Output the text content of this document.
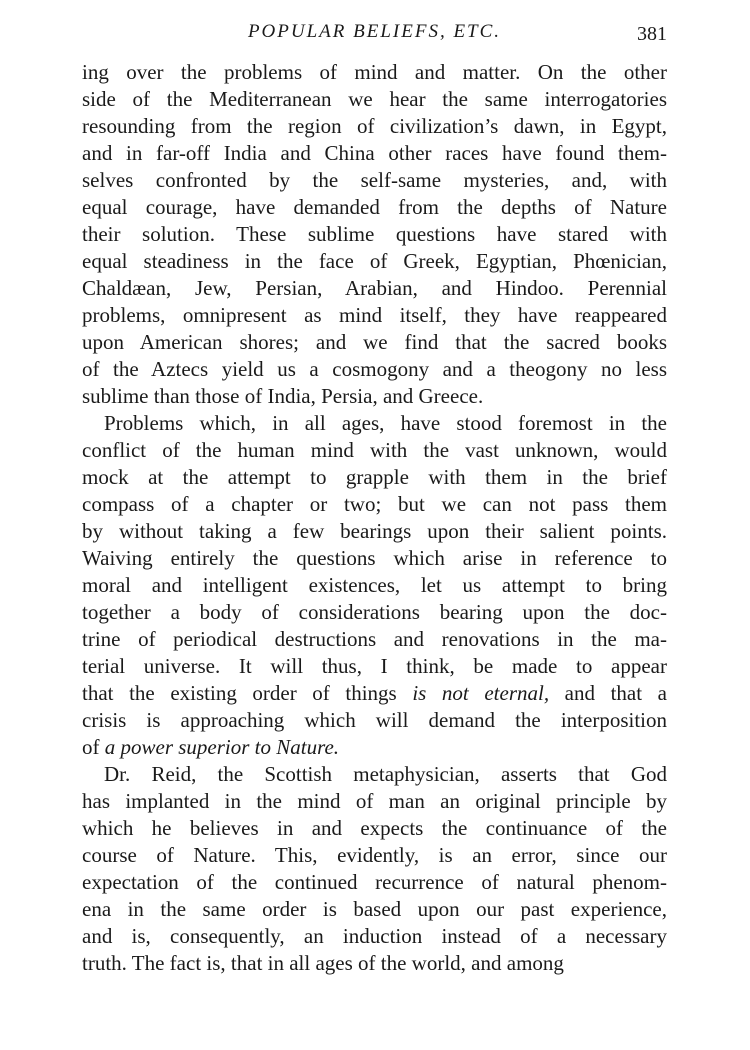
POPULAR BELIEFS, ETC.	381
ing over the problems of mind and matter. On the other
side of the Mediterranean we hear the same interrogatories
resounding from the region of civilization’s dawn, in Egypt,
and in far-off India and China other races have found them-
selves confronted by the self-same mysteries, and, with
equal courage, have demanded from the depths of Nature
their solution. These sublime questions have stared with
equal steadiness in the face of Greek, Egyptian, Phœnician,
Chaldæan, Jew, Persian, Arabian, and Hindoo. Perennial
problems, omnipresent as mind itself, they have reappeared
upon American shores; and we find that the sacred books
of the Aztecs yield us a cosmogony and a theogony no less
sublime than those of India, Persia, and Greece.
Problems which, in all ages, have stood foremost in the
conflict of the human mind with the vast unknown, would
mock at the attempt to grapple with them in the brief
compass of a chapter or two; but we can not pass them
by without taking a few bearings upon their salient points.
Waiving entirely the questions which arise in reference to
moral and intelligent existences, let us attempt to bring
together a body of considerations bearing upon the doc-
trine of periodical destructions and renovations in the ma-
terial universe. It will thus, I think, be made to appear
that the existing order of things is not eternal, and that a
crisis is approaching which will demand the interposition
of a power superior to Nature.
Dr. Reid, the Scottish metaphysician, asserts that God
has implanted in the mind of man an original principle by
which he believes in and expects the continuance of the
course of Nature. This, evidently, is an error, since our
expectation of the continued recurrence of natural phenom-
ena in the same order is based upon our past experience,
and is, consequently, an induction instead of a necessary
truth. The fact is, that in all ages of the world, and among
